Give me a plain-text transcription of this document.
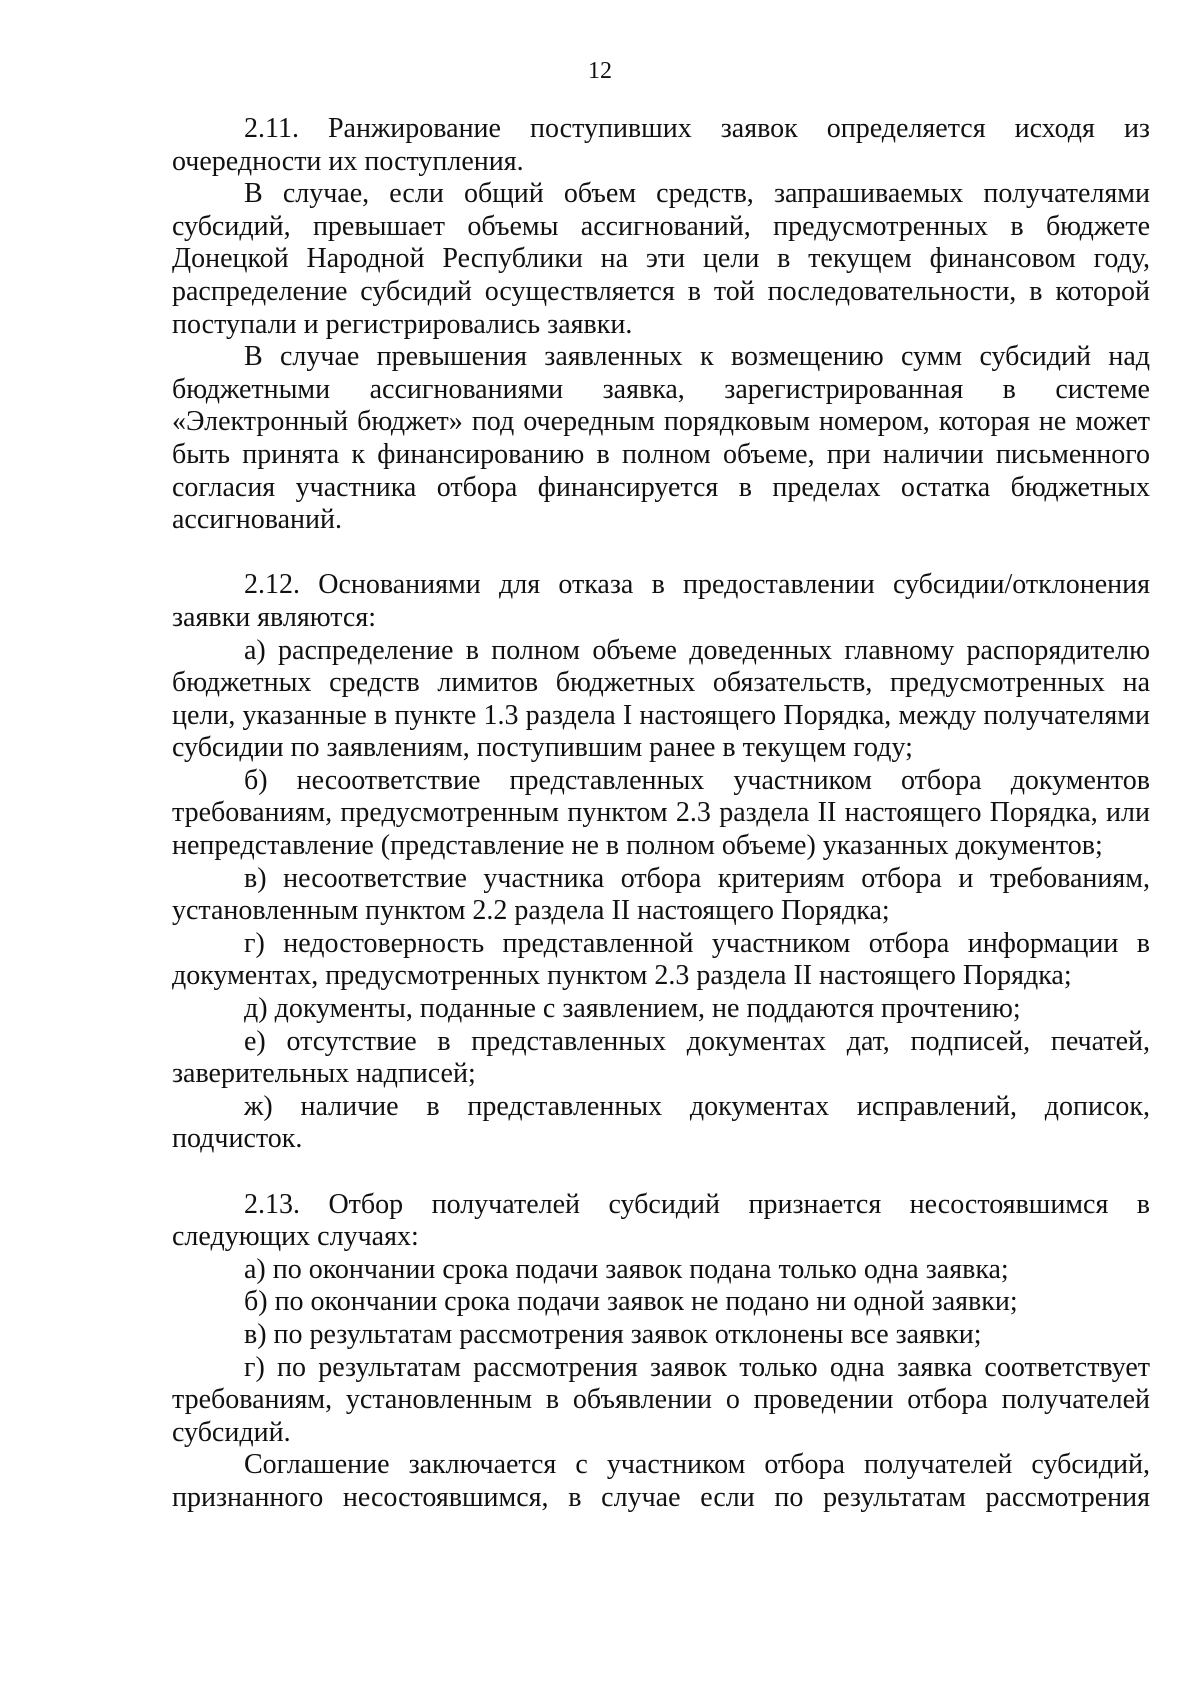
12

2.11. Ранжирование поступивших заявок определяется исходя из очередности их поступления.

В случае, если общий объем средств, запрашиваемых получателями субсидий, превышает объемы ассигнований, предусмотренных в бюджете Донецкой Народной Республики на эти цели в текущем финансовом году, распределение субсидий осуществляется в той последовательности, в которой поступали и регистрировались заявки.

В случае превышения заявленных к возмещению сумм субсидий над бюджетными ассигнованиями заявка, зарегистрированная в системе «Электронный бюджет» под очередным порядковым номером, которая не может быть принята к финансированию в полном объеме, при наличии письменного согласия участника отбора финансируется в пределах остатка бюджетных ассигнований.

2.12. Основаниями для отказа в предоставлении субсидии/отклонения заявки являются:

а) распределение в полном объеме доведенных главному распорядителю бюджетных средств лимитов бюджетных обязательств, предусмотренных на цели, указанные в пункте 1.3 раздела I настоящего Порядка, между получателями субсидии по заявлениям, поступившим ранее в текущем году;

б) несоответствие представленных участником отбора документов требованиям, предусмотренным пунктом 2.3 раздела II настоящего Порядка, или непредставление (представление не в полном объеме) указанных документов;

в) несоответствие участника отбора критериям отбора и требованиям, установленным пунктом 2.2 раздела II настоящего Порядка;

г) недостоверность представленной участником отбора информации в документах, предусмотренных пунктом 2.3 раздела II настоящего Порядка;

д) документы, поданные с заявлением, не поддаются прочтению;

е) отсутствие в представленных документах дат, подписей, печатей, заверительных надписей;

ж) наличие в представленных документах исправлений, дописок, подчисток.

2.13. Отбор получателей субсидий признается несостоявшимся в следующих случаях:

а) по окончании срока подачи заявок подана только одна заявка;

б) по окончании срока подачи заявок не подано ни одной заявки;

в) по результатам рассмотрения заявок отклонены все заявки;

г) по результатам рассмотрения заявок только одна заявка соответствует требованиям, установленным в объявлении о проведении отбора получателей субсидий.

Соглашение заключается с участником отбора получателей субсидий, признанного несостоявшимся, в случае если по результатам рассмотрения
